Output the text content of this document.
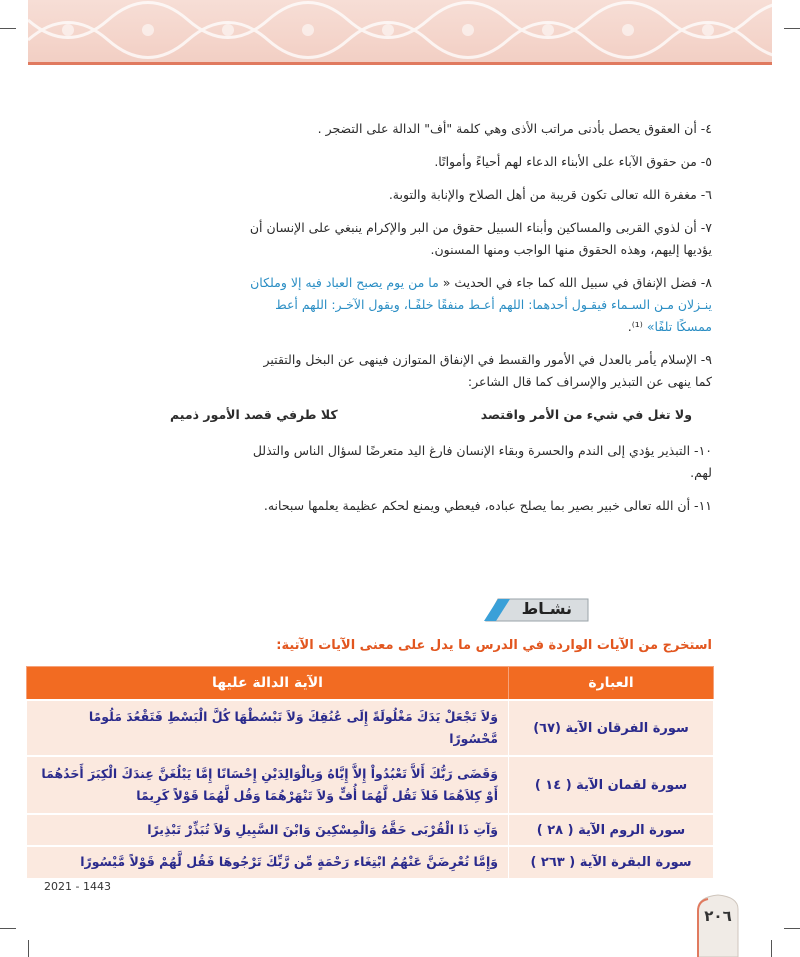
٤- أن العقوق يحصل بأدنى مراتب الأذى وهي كلمة "أف" الدالة على التضجر .
٥- من حقوق الآباء على الأبناء الدعاء لهم أحياءً وأمواتًا.
٦- مغفرة الله تعالى تكون قريبة من أهل الصلاح والإنابة والتوبة.
٧- أن لذوي القربى والمساكين وأبناء السبيل حقوق من البر والإكرام ينبغي على الإنسان أن
يؤديها إليهم، وهذه الحقوق منها الواجب ومنها المسنون.
٨- فضل الإنفاق في سبيل الله كما جاء في الحديث « ما من يوم يصبح العباد فيه إلا وملكان
ينـزلان مـن السـماء فيقـول أحدهما: اللهم أعـط منفقًا خلفًـا، ويقول الآخـر: اللهم أعط
ممسكًا تلفًا» ⁽¹⁾.
٩- الإسلام يأمر بالعدل في الأمور والقسط في الإنفاق المتوازن فينهى عن البخل والتقتير
كما ينهى عن التبذير والإسراف كما قال الشاعر:
ولا تغل في شيء من الأمر واقتصد
كلا طرفي قصد الأمور ذميم
١٠- التبذير يؤدي إلى الندم والحسرة وبقاء الإنسان فارغ اليد متعرضًا لسؤال الناس والتذلل
لهم.
١١- أن الله تعالى خبير بصير بما يصلح عباده، فيعطي ويمنع لحكم عظيمة يعلمها سبحانه.
نشـاط
استخرج من الآيات الواردة في الدرس ما يدل على معنى الآيات الآتية:
العبارة	الآية الدالة عليها
سورة الفرقان الآية (٦٧)	وَلاَ تَجْعَلْ يَدَكَ مَغْلُولَةً إِلَى عُنُقِكَ وَلاَ تَبْسُطْهَا كُلَّ الْبَسْطِ فَتَقْعُدَ مَلُومًا مَّحْسُورًا
سورة لقمان الآية ( ١٤ )	وَقَضَى رَبُّكَ أَلاَّ تَعْبُدُواْ إِلاَّ إِيَّاهُ وَبِالْوَالِدَيْنِ إِحْسَانًا إِمَّا يَبْلُغَنَّ عِندَكَ الْكِبَرَ أَحَدُهُمَا أَوْ كِلاَهُمَا فَلاَ تَقُل لَّهُمَا أُفٍّ وَلاَ تَنْهَرْهُمَا وَقُل لَّهُمَا قَوْلاً كَرِيمًا
سورة الروم الآية ( ٢٨ )	وَآتِ ذَا الْقُرْبَى حَقَّهُ وَالْمِسْكِينَ وَابْنَ السَّبِيلِ وَلاَ تُبَذِّرْ تَبْذِيرًا
سورة البقرة الآية ( ٢٦٣ )	وَإِمَّا تُعْرِضَنَّ عَنْهُمُ ابْتِغَاء رَحْمَةٍ مِّن رَّبِّكَ تَرْجُوهَا فَقُل لَّهُمْ قَوْلاً مَّيْسُورًا
2021 - 1443
٢٠٦
